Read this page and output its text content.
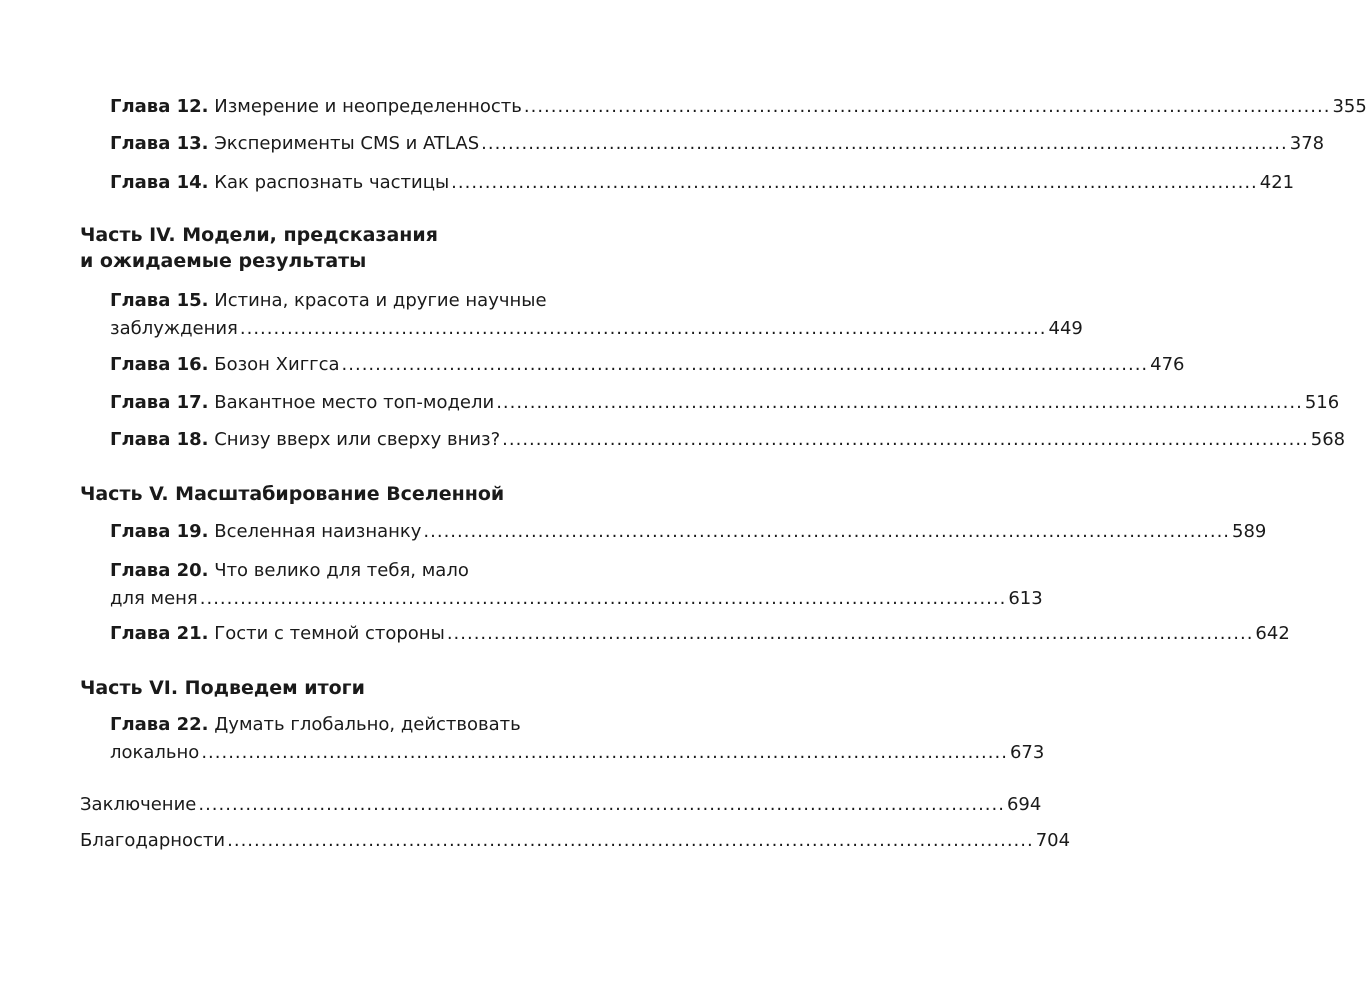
Глава 12. Измерение и неопределенность ........................................................................................................................ 355
Глава 13. Эксперименты CMS и ATLAS ........................................................................................................................ 378
Глава 14. Как распознать частицы ........................................................................................................................ 421
Часть IV. Модели, предсказания
и ожидаемые результаты
Глава 15. Истина, красота и другие научные
заблуждения ........................................................................................................................ 449
Глава 16. Бозон Хиггса ........................................................................................................................ 476
Глава 17. Вакантное место топ-модели ........................................................................................................................ 516
Глава 18. Снизу вверх или сверху вниз? ........................................................................................................................ 568
Часть V. Масштабирование Вселенной
Глава 19. Вселенная наизнанку ........................................................................................................................ 589
Глава 20. Что велико для тебя, мало
для меня ........................................................................................................................ 613
Глава 21. Гости с темной стороны ........................................................................................................................ 642
Часть VI. Подведем итоги
Глава 22. Думать глобально, действовать
локально ........................................................................................................................ 673
Заключение ........................................................................................................................ 694
Благодарности ........................................................................................................................ 704
